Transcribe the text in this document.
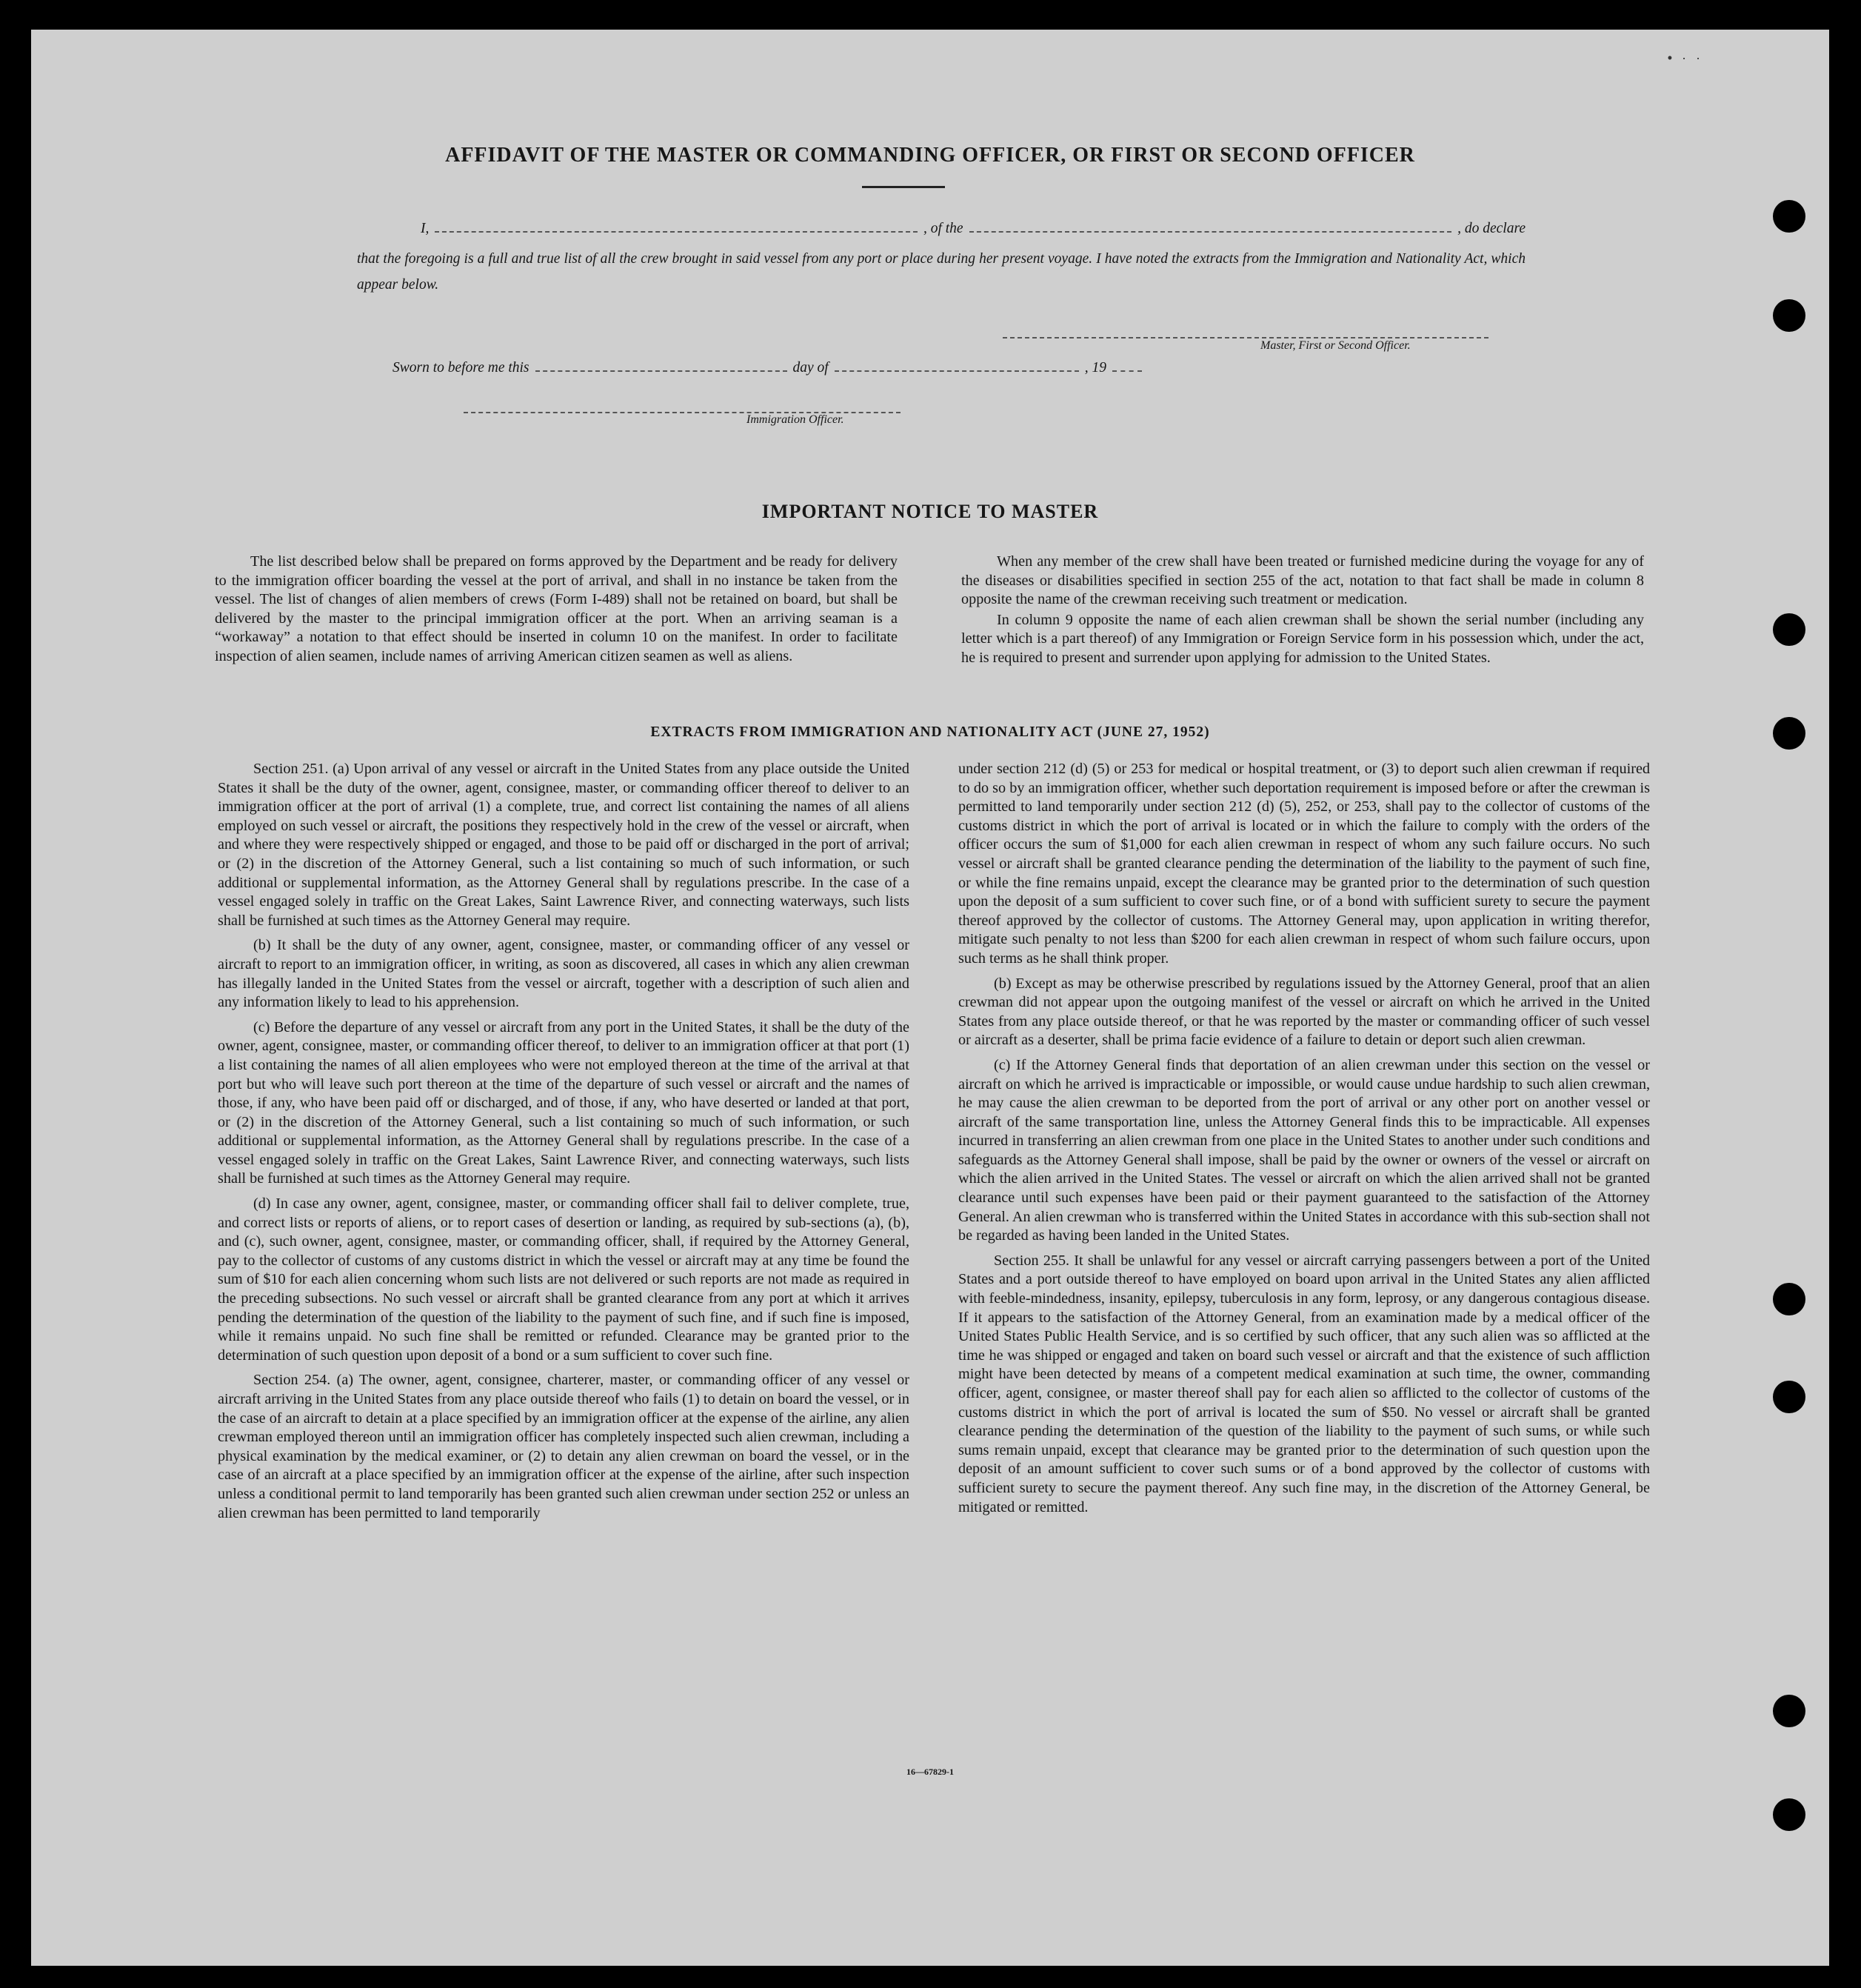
• · ·
AFFIDAVIT OF THE MASTER OR COMMANDING OFFICER, OR FIRST OR SECOND OFFICER
I,	, of the	, do declare
that the foregoing is a full and true list of all the crew brought in said vessel from any port or place during her present voyage. I have noted the extracts from the Immigration and Nationality Act, which appear below.
Master, First or Second Officer.
Sworn to before me this	day of	, 19
Immigration Officer.
IMPORTANT NOTICE TO MASTER

The list described below shall be prepared on forms approved by the Department and be ready for delivery to the immigration officer boarding the vessel at the port of arrival, and shall in no instance be taken from the vessel. The list of changes of alien members of crews (Form I-489) shall not be retained on board, but shall be delivered by the master to the principal immigration officer at the port. When an arriving seaman is a “workaway” a notation to that effect should be inserted in column 10 on the manifest. In order to facilitate inspection of alien seamen, include names of arriving American citizen seamen as well as aliens.

When any member of the crew shall have been treated or furnished medicine during the voyage for any of the diseases or disabilities specified in section 255 of the act, notation to that fact shall be made in column 8 opposite the name of the crewman receiving such treatment or medication.

In column 9 opposite the name of each alien crewman shall be shown the serial number (including any letter which is a part thereof) of any Immigration or Foreign Service form in his possession which, under the act, he is required to present and surrender upon applying for admission to the United States.

EXTRACTS FROM IMMIGRATION AND NATIONALITY ACT (JUNE 27, 1952)

Section 251. (a) Upon arrival of any vessel or aircraft in the United States from any place outside the United States it shall be the duty of the owner, agent, consignee, master, or commanding officer thereof to deliver to an immigration officer at the port of arrival (1) a complete, true, and correct list containing the names of all aliens employed on such vessel or aircraft, the positions they respectively hold in the crew of the vessel or aircraft, when and where they were respectively shipped or engaged, and those to be paid off or discharged in the port of arrival; or (2) in the discretion of the Attorney General, such a list containing so much of such information, or such additional or supplemental information, as the Attorney General shall by regulations prescribe. In the case of a vessel engaged solely in traffic on the Great Lakes, Saint Lawrence River, and connecting waterways, such lists shall be furnished at such times as the Attorney General may require.

(b) It shall be the duty of any owner, agent, consignee, master, or commanding officer of any vessel or aircraft to report to an immigration officer, in writing, as soon as discovered, all cases in which any alien crewman has illegally landed in the United States from the vessel or aircraft, together with a description of such alien and any information likely to lead to his apprehension.

(c) Before the departure of any vessel or aircraft from any port in the United States, it shall be the duty of the owner, agent, consignee, master, or commanding officer thereof, to deliver to an immigration officer at that port (1) a list containing the names of all alien employees who were not employed thereon at the time of the arrival at that port but who will leave such port thereon at the time of the departure of such vessel or aircraft and the names of those, if any, who have been paid off or discharged, and of those, if any, who have deserted or landed at that port, or (2) in the discretion of the Attorney General, such a list containing so much of such information, or such additional or supplemental information, as the Attorney General shall by regulations prescribe. In the case of a vessel engaged solely in traffic on the Great Lakes, Saint Lawrence River, and connecting waterways, such lists shall be furnished at such times as the Attorney General may require.

(d) In case any owner, agent, consignee, master, or commanding officer shall fail to deliver complete, true, and correct lists or reports of aliens, or to report cases of desertion or landing, as required by sub-sections (a), (b), and (c), such owner, agent, consignee, master, or commanding officer, shall, if required by the Attorney General, pay to the collector of customs of any customs district in which the vessel or aircraft may at any time be found the sum of $10 for each alien concerning whom such lists are not delivered or such reports are not made as required in the preceding subsections. No such vessel or aircraft shall be granted clearance from any port at which it arrives pending the determination of the question of the liability to the payment of such fine, and if such fine is imposed, while it remains unpaid. No such fine shall be remitted or refunded. Clearance may be granted prior to the determination of such question upon deposit of a bond or a sum sufficient to cover such fine.

Section 254. (a) The owner, agent, consignee, charterer, master, or commanding officer of any vessel or aircraft arriving in the United States from any place outside thereof who fails (1) to detain on board the vessel, or in the case of an aircraft to detain at a place specified by an immigration officer at the expense of the airline, any alien crewman employed thereon until an immigration officer has completely inspected such alien crewman, including a physical examination by the medical examiner, or (2) to detain any alien crewman on board the vessel, or in the case of an aircraft at a place specified by an immigration officer at the expense of the airline, after such inspection unless a conditional permit to land temporarily has been granted such alien crewman under section 252 or unless an alien crewman has been permitted to land temporarily

under section 212 (d) (5) or 253 for medical or hospital treatment, or (3) to deport such alien crewman if required to do so by an immigration officer, whether such deportation requirement is imposed before or after the crewman is permitted to land temporarily under section 212 (d) (5), 252, or 253, shall pay to the collector of customs of the customs district in which the port of arrival is located or in which the failure to comply with the orders of the officer occurs the sum of $1,000 for each alien crewman in respect of whom any such failure occurs. No such vessel or aircraft shall be granted clearance pending the determination of the liability to the payment of such fine, or while the fine remains unpaid, except the clearance may be granted prior to the determination of such question upon the deposit of a sum sufficient to cover such fine, or of a bond with sufficient surety to secure the payment thereof approved by the collector of customs. The Attorney General may, upon application in writing therefor, mitigate such penalty to not less than $200 for each alien crewman in respect of whom such failure occurs, upon such terms as he shall think proper.

(b) Except as may be otherwise prescribed by regulations issued by the Attorney General, proof that an alien crewman did not appear upon the outgoing manifest of the vessel or aircraft on which he arrived in the United States from any place outside thereof, or that he was reported by the master or commanding officer of such vessel or aircraft as a deserter, shall be prima facie evidence of a failure to detain or deport such alien crewman.

(c) If the Attorney General finds that deportation of an alien crewman under this section on the vessel or aircraft on which he arrived is impracticable or impossible, or would cause undue hardship to such alien crewman, he may cause the alien crewman to be deported from the port of arrival or any other port on another vessel or aircraft of the same transportation line, unless the Attorney General finds this to be impracticable. All expenses incurred in transferring an alien crewman from one place in the United States to another under such conditions and safeguards as the Attorney General shall impose, shall be paid by the owner or owners of the vessel or aircraft on which the alien arrived in the United States. The vessel or aircraft on which the alien arrived shall not be granted clearance until such expenses have been paid or their payment guaranteed to the satisfaction of the Attorney General. An alien crewman who is transferred within the United States in accordance with this sub-section shall not be regarded as having been landed in the United States.

Section 255. It shall be unlawful for any vessel or aircraft carrying passengers between a port of the United States and a port outside thereof to have employed on board upon arrival in the United States any alien afflicted with feeble-mindedness, insanity, epilepsy, tuberculosis in any form, leprosy, or any dangerous contagious disease. If it appears to the satisfaction of the Attorney General, from an examination made by a medical officer of the United States Public Health Service, and is so certified by such officer, that any such alien was so afflicted at the time he was shipped or engaged and taken on board such vessel or aircraft and that the existence of such affliction might have been detected by means of a competent medical examination at such time, the owner, commanding officer, agent, consignee, or master thereof shall pay for each alien so afflicted to the collector of customs of the customs district in which the port of arrival is located the sum of $50. No vessel or aircraft shall be granted clearance pending the determination of the question of the liability to the payment of such sums, or while such sums remain unpaid, except that clearance may be granted prior to the determination of such question upon the deposit of an amount sufficient to cover such sums or of a bond approved by the collector of customs with sufficient surety to secure the payment thereof. Any such fine may, in the discretion of the Attorney General, be mitigated or remitted.

16—67829-1
